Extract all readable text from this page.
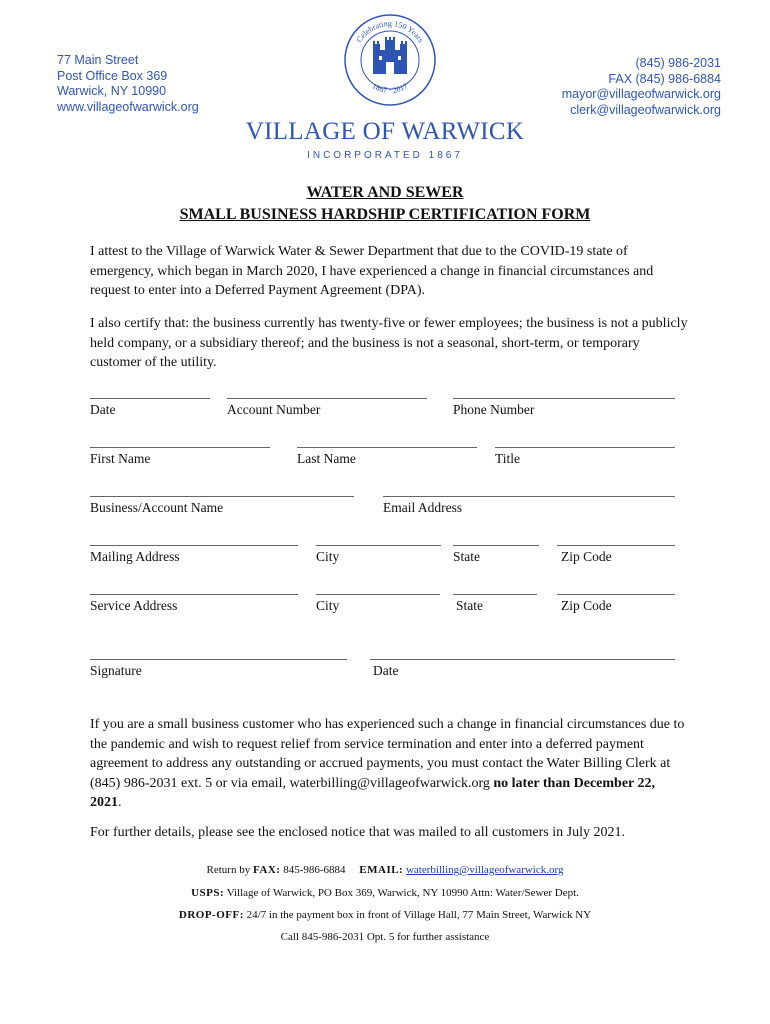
77 Main Street
Post Office Box 369
Warwick, NY 10990
www.villageofwarwick.org
Celebrating 150 Years
1867 · 2017
(845) 986-2031
FAX (845) 986-6884
mayor@villageofwarwick.org
clerk@villageofwarwick.org
VILLAGE OF WARWICK
INCORPORATED 1867
WATER AND SEWER
SMALL BUSINESS HARDSHIP CERTIFICATION FORM
I attest to the Village of Warwick Water & Sewer Department that due to the COVID-19 state of emergency, which began in March 2020, I have experienced a change in financial circumstances and request to enter into a Deferred Payment Agreement (DPA).
I also certify that: the business currently has twenty-five or fewer employees; the business is not a publicly held company, or a subsidiary thereof; and the business is not a seasonal, short-term, or temporary customer of the utility.
Date	Account Number	Phone Number
First Name	Last Name	Title
Business/Account Name	Email Address
Mailing Address	City	State	Zip Code
Service Address	City	State	Zip Code
Signature	Date
If you are a small business customer who has experienced such a change in financial circumstances due to the pandemic and wish to request relief from service termination and enter into a deferred payment agreement to address any outstanding or accrued payments, you must contact the Water Billing Clerk at (845) 986-2031 ext. 5 or via email, waterbilling@villageofwarwick.org no later than December 22, 2021.
For further details, please see the enclosed notice that was mailed to all customers in July 2021.
Return by FAX: 845-986-6884 EMAIL: waterbilling@villageofwarwick.org
USPS: Village of Warwick, PO Box 369, Warwick, NY 10990 Attn: Water/Sewer Dept.
DROP-OFF: 24/7 in the payment box in front of Village Hall, 77 Main Street, Warwick NY
Call 845-986-2031 Opt. 5 for further assistance
